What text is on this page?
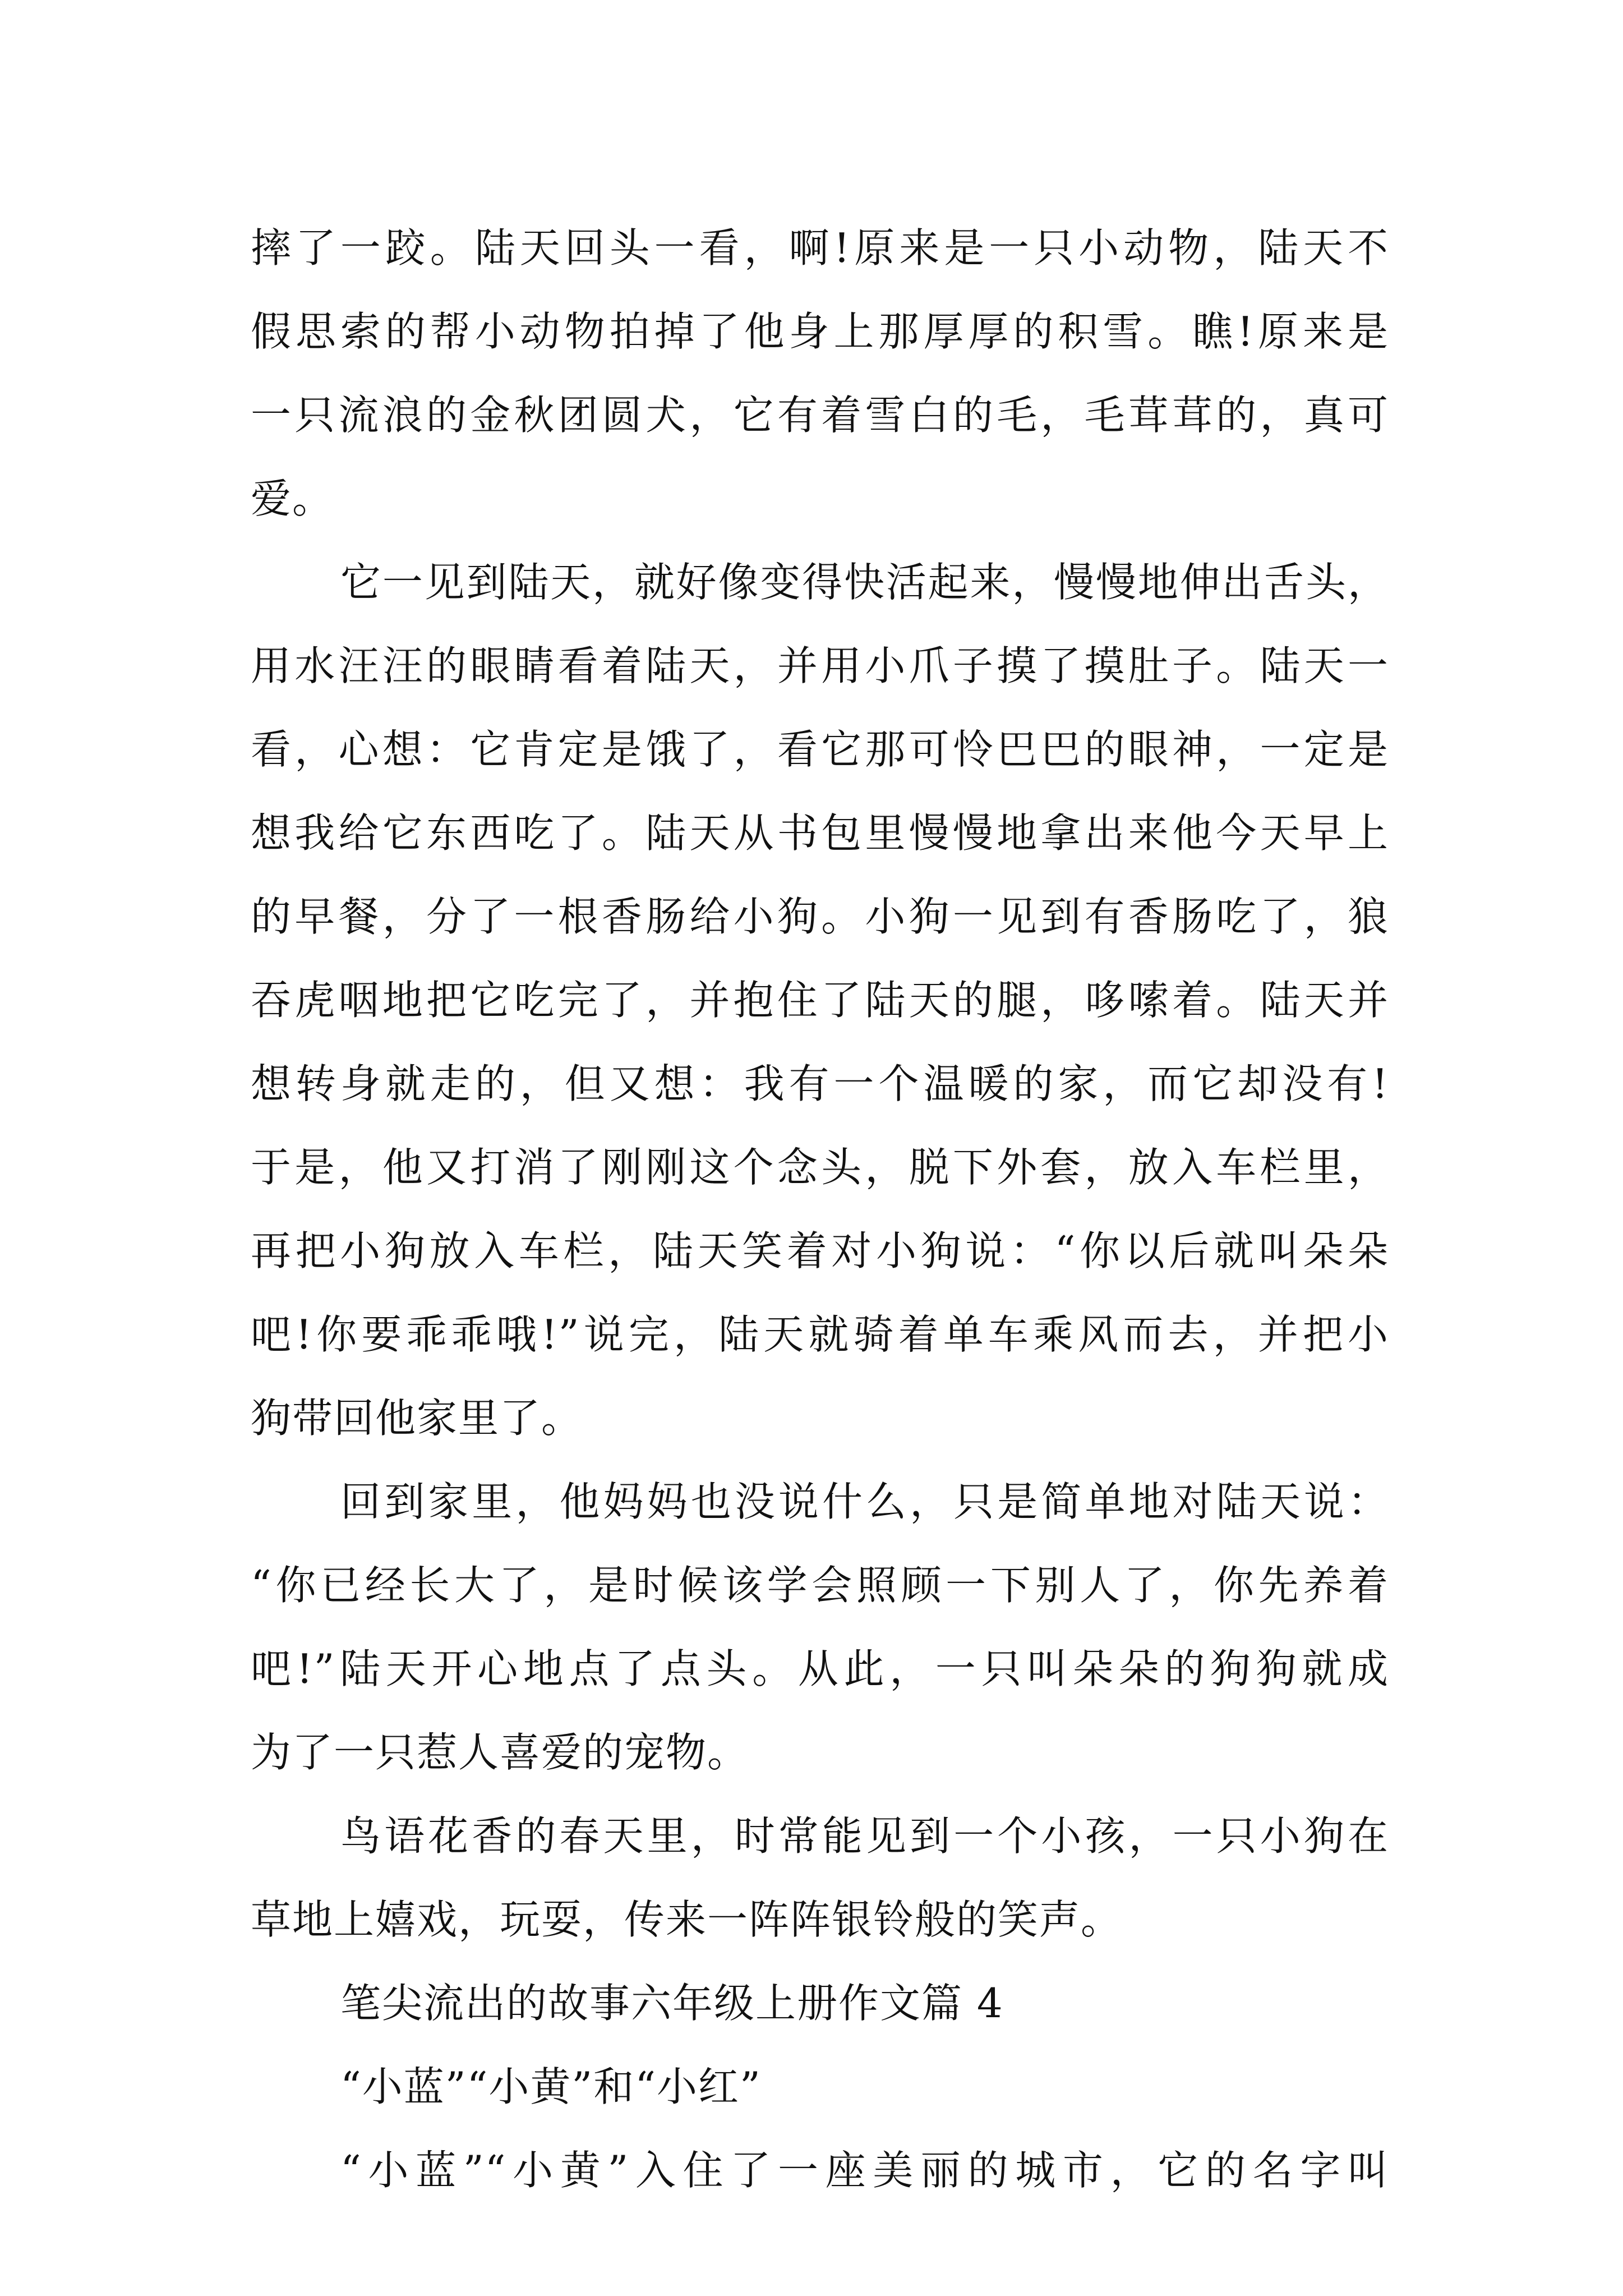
摔了一跤。陆天回头一看，啊!原来是一只小动物，陆天不
假思索的帮小动物拍掉了他身上那厚厚的积雪。瞧!原来是
一只流浪的金秋团圆犬，它有着雪白的毛，毛茸茸的，真可
爱。
它一见到陆天，就好像变得快活起来，慢慢地伸出舌头，
用水汪汪的眼睛看着陆天，并用小爪子摸了摸肚子。陆天一
看，心想：它肯定是饿了，看它那可怜巴巴的眼神，一定是
想我给它东西吃了。陆天从书包里慢慢地拿出来他今天早上
的早餐，分了一根香肠给小狗。小狗一见到有香肠吃了，狼
吞虎咽地把它吃完了，并抱住了陆天的腿，哆嗦着。陆天并
想转身就走的，但又想：我有一个温暖的家，而它却没有!
于是，他又打消了刚刚这个念头，脱下外套，放入车栏里，
再把小狗放入车栏，陆天笑着对小狗说：“你以后就叫朵朵
吧!你要乖乖哦!”说完，陆天就骑着单车乘风而去，并把小
狗带回他家里了。
回到家里，他妈妈也没说什么，只是简单地对陆天说：
“你已经长大了，是时候该学会照顾一下别人了，你先养着
吧!”陆天开心地点了点头。从此，一只叫朵朵的狗狗就成
为了一只惹人喜爱的宠物。
鸟语花香的春天里，时常能见到一个小孩，一只小狗在
草地上嬉戏，玩耍，传来一阵阵银铃般的笑声。
笔尖流出的故事六年级上册作文篇 4
“小蓝”“小黄”和“小红”
“小蓝”“小黄”入住了一座美丽的城市，它的名字叫
